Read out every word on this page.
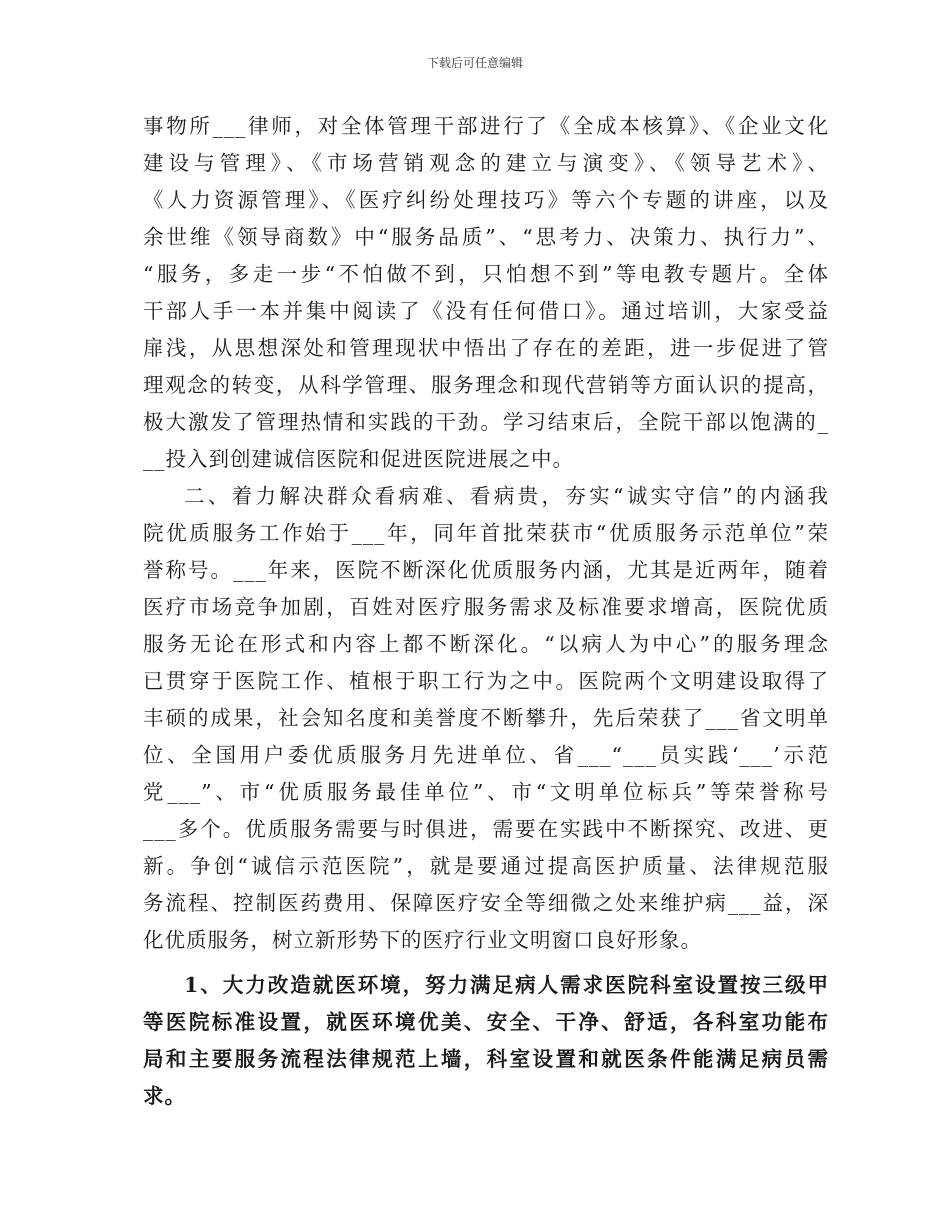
下载后可任意编辑
事物所___律师，对全体管理干部进行了《全成本核算》、《企业文化
建设与管理》、《市场营销观念的建立与演变》、《领导艺术》、
《人力资源管理》、《医疗纠纷处理技巧》等六个专题的讲座，以及
余世维《领导商数》中“服务品质”、“思考力、决策力、执行力”、
“服务，多走一步“不怕做不到，只怕想不到”等电教专题片。全体
干部人手一本并集中阅读了《没有任何借口》。通过培训，大家受益
扉浅，从思想深处和管理现状中悟出了存在的差距，进一步促进了管
理观念的转变，从科学管理、服务理念和现代营销等方面认识的提高，
极大激发了管理热情和实践的干劲。学习结束后，全院干部以饱满的_
__投入到创建诚信医院和促进医院进展之中。
二、着力解决群众看病难、看病贵，夯实“诚实守信”的内涵我
院优质服务工作始于___年，同年首批荣获市“优质服务示范单位”荣
誉称号。___年来，医院不断深化优质服务内涵，尤其是近两年，随着
医疗市场竞争加剧，百姓对医疗服务需求及标准要求增高，医院优质
服务无论在形式和内容上都不断深化。“以病人为中心”的服务理念
已贯穿于医院工作、植根于职工行为之中。医院两个文明建设取得了
丰硕的成果，社会知名度和美誉度不断攀升，先后荣获了___省文明单
位、全国用户委优质服务月先进单位、省___“___员实践‘___’示范
党___”、市“优质服务最佳单位”、市“文明单位标兵”等荣誉称号
___多个。优质服务需要与时俱进，需要在实践中不断探究、改进、更
新。争创“诚信示范医院”，就是要通过提高医护质量、法律规范服
务流程、控制医药费用、保障医疗安全等细微之处来维护病___益，深
化优质服务，树立新形势下的医疗行业文明窗口良好形象。
1、大力改造就医环境，努力满足病人需求医院科室设置按三级甲
等医院标准设置，就医环境优美、安全、干净、舒适，各科室功能布
局和主要服务流程法律规范上墙，科室设置和就医条件能满足病员需
求。
